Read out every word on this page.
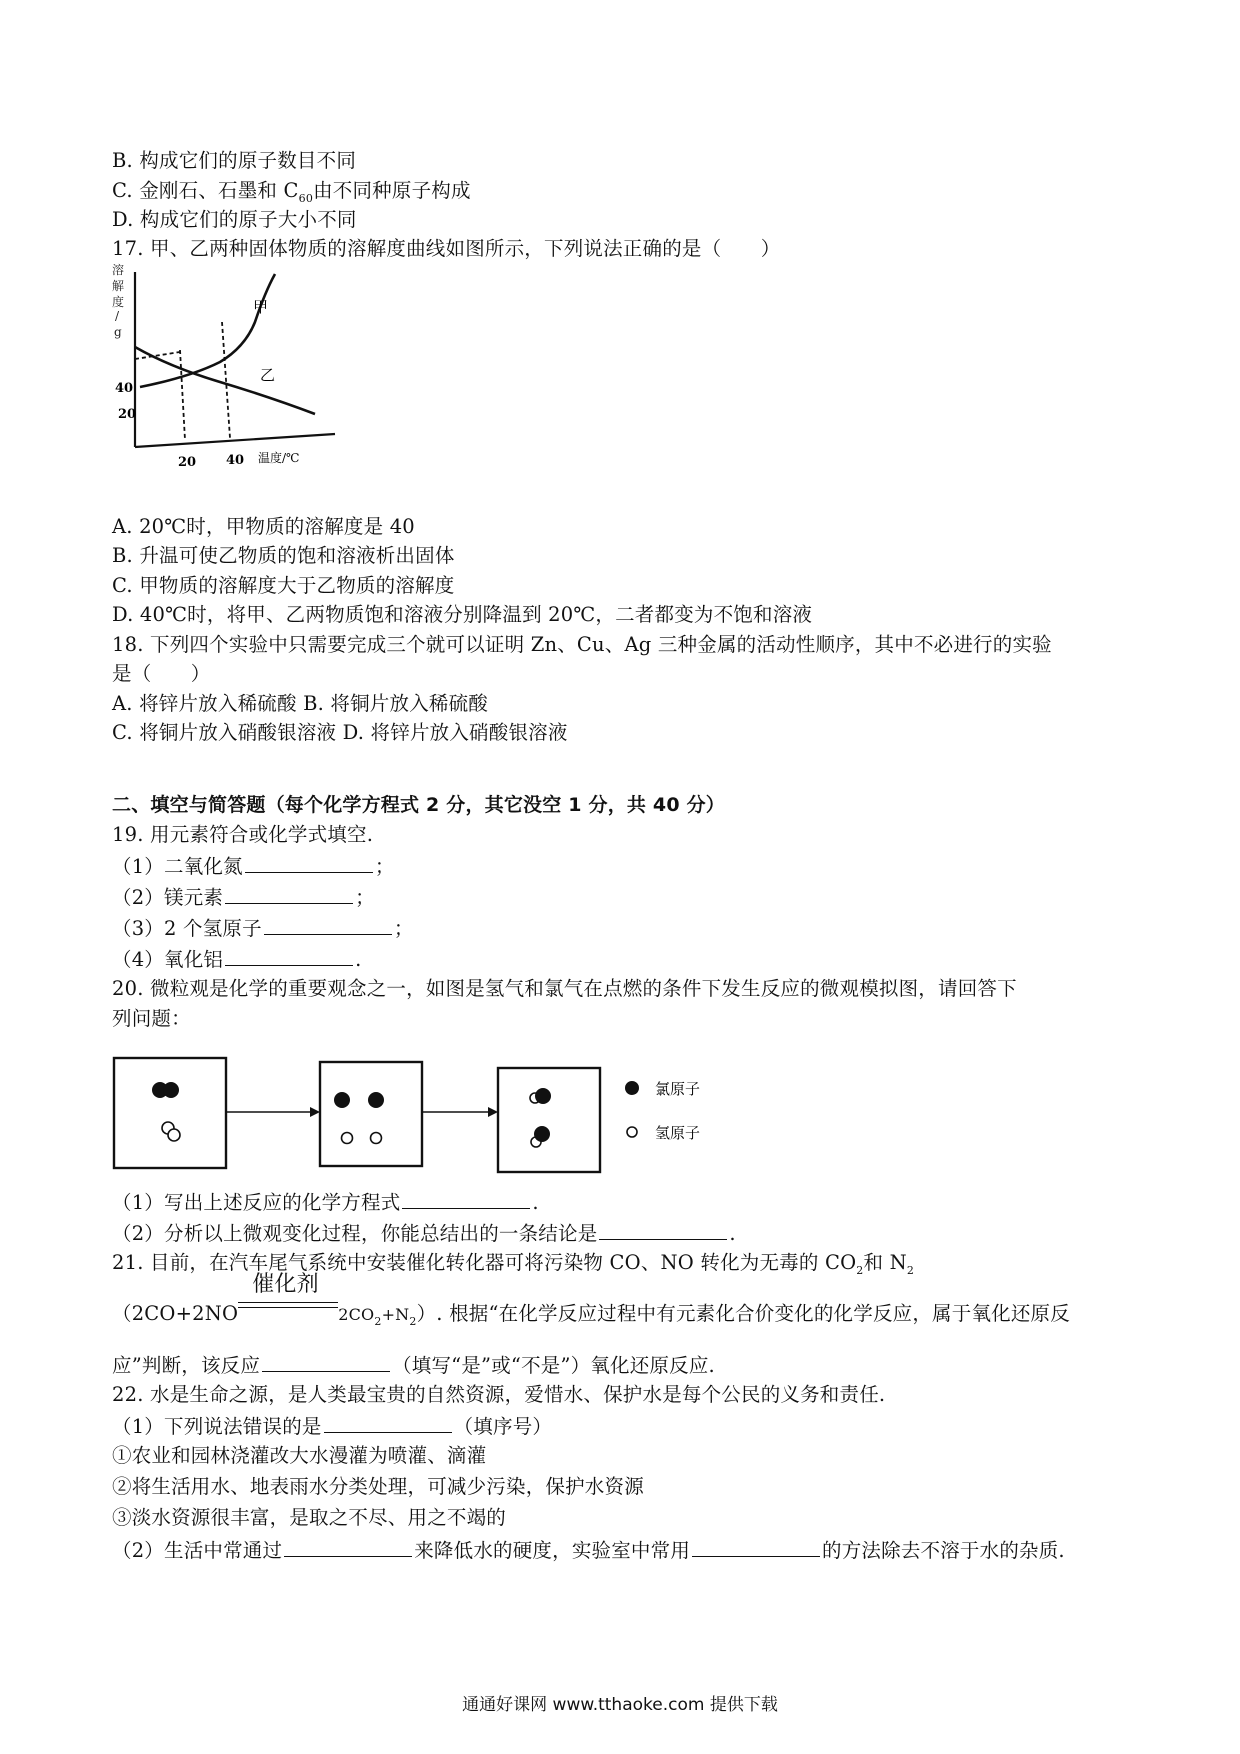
B. 构成它们的原子数目不同
C. 金刚石、石墨和 $C_{60}$由不同种原子构成
D. 构成它们的原子大小不同
17. 甲、乙两种固体物质的溶解度曲线如图所示，下列说法正确的是（　　）
溶
解
度
/
g
40
20
甲
乙
20 40 温度/℃
A. 20℃时，甲物质的溶解度是 40
B. 升温可使乙物质的饱和溶液析出固体
C. 甲物质的溶解度大于乙物质的溶解度
D. 40℃时，将甲、乙两物质饱和溶液分别降温到 20℃，二者都变为不饱和溶液
18. 下列四个实验中只需要完成三个就可以证明 Zn、Cu、Ag 三种金属的活动性顺序，其中不必进行的实验
是（　　）
A. 将锌片放入稀硫酸 B. 将铜片放入稀硫酸
C. 将铜片放入硝酸银溶液 D. 将锌片放入硝酸银溶液
二、填空与简答题（每个化学方程式 2 分，其它没空 1 分，共 40 分）
19. 用元素符合或化学式填空.
（1）二氧化氮	；
（2）镁元素	；
（3）2 个氢原子	；
（4）氧化铝	.
20. 微粒观是化学的重要观念之一，如图是氢气和氯气在点燃的条件下发生反应的微观模拟图，请回答下
列问题：
氯原子
氢原子
（1）写出上述反应的化学方程式	.
（2）分析以上微观变化过程，你能总结出的一条结论是	.
21. 目前，在汽车尾气系统中安装催化转化器可将污染物 CO、NO 转化为无毒的 $CO_2$和 $N_2$
（2CO+2NO
催化剂
$2CO_2+N_2$）. 根据“在化学反应过程中有元素化合价变化的化学反应，属于氧化还原反
应”判断，该反应	（填写“是”或“不是”）氧化还原反应.
22. 水是生命之源，是人类最宝贵的自然资源，爱惜水、保护水是每个公民的义务和责任.
（1）下列说法错误的是	（填序号）
①农业和园林浇灌改大水漫灌为喷灌、滴灌
②将生活用水、地表雨水分类处理，可减少污染，保护水资源
③淡水资源很丰富，是取之不尽、用之不竭的
（2）生活中常通过	来降低水的硬度，实验室中常用	的方法除去不溶于水的杂质.
通通好课网 www.tthaoke.com 提供下载
